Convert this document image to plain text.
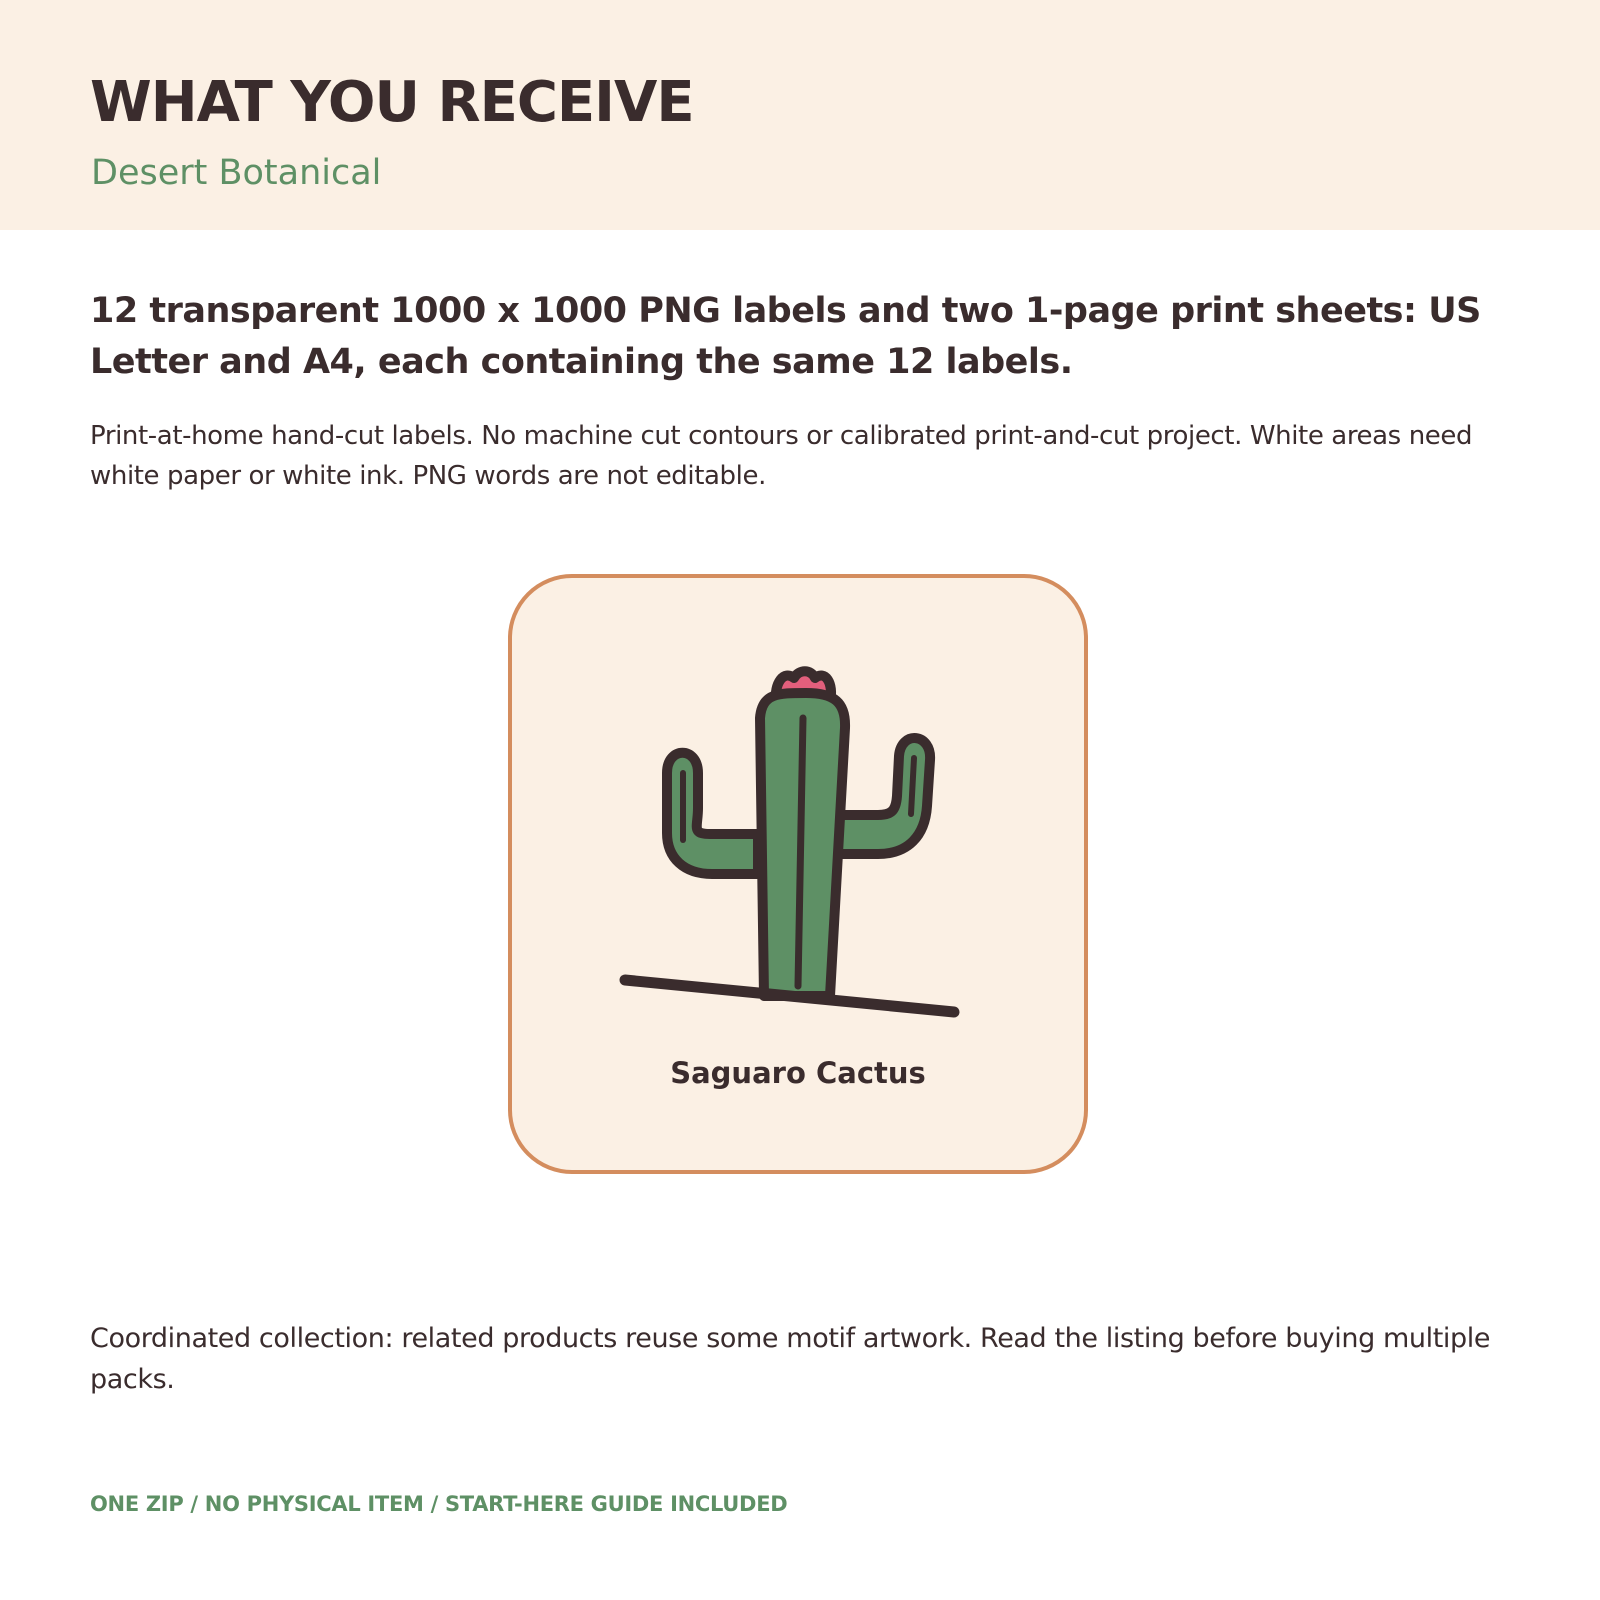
WHAT YOU RECEIVE

Desert Botanical

12 transparent 1000 x 1000 PNG labels and two 1-page print sheets: US Letter and A4, each containing the same 12 labels.

Print-at-home hand-cut labels. No machine cut contours or calibrated print-and-cut project. White areas need white paper or white ink. PNG words are not editable.

Saguaro Cactus

Coordinated collection: related products reuse some motif artwork. Read the listing before buying multiple packs.

ONE ZIP / NO PHYSICAL ITEM / START-HERE GUIDE INCLUDED
